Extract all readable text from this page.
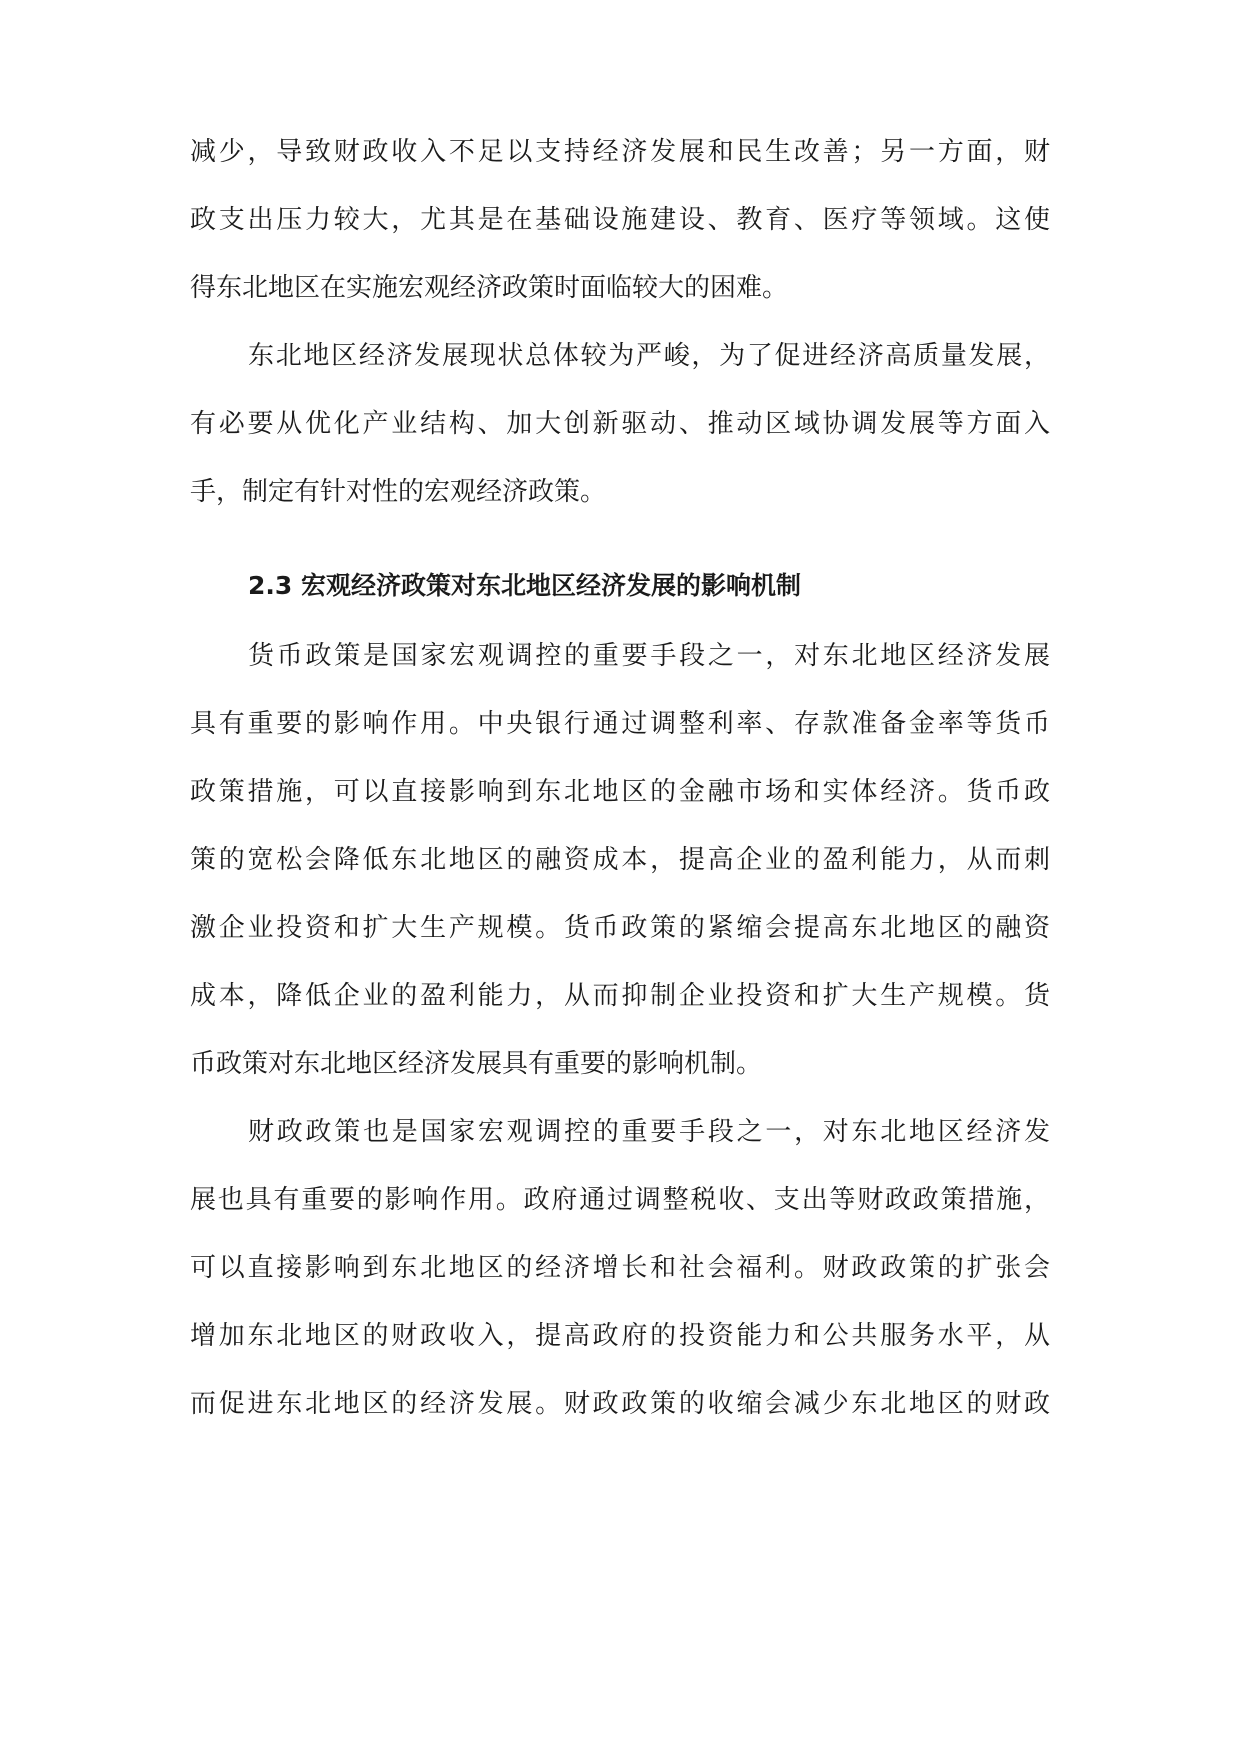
减少，导致财政收入不足以支持经济发展和民生改善；另一方面，财
政支出压力较大，尤其是在基础设施建设、教育、医疗等领域。这使
得东北地区在实施宏观经济政策时面临较大的困难。
东北地区经济发展现状总体较为严峻，为了促进经济高质量发展，
有必要从优化产业结构、加大创新驱动、推动区域协调发展等方面入
手，制定有针对性的宏观经济政策。
2.3 宏观经济政策对东北地区经济发展的影响机制
货币政策是国家宏观调控的重要手段之一，对东北地区经济发展
具有重要的影响作用。中央银行通过调整利率、存款准备金率等货币
政策措施，可以直接影响到东北地区的金融市场和实体经济。货币政
策的宽松会降低东北地区的融资成本，提高企业的盈利能力，从而刺
激企业投资和扩大生产规模。货币政策的紧缩会提高东北地区的融资
成本，降低企业的盈利能力，从而抑制企业投资和扩大生产规模。货
币政策对东北地区经济发展具有重要的影响机制。
财政政策也是国家宏观调控的重要手段之一，对东北地区经济发
展也具有重要的影响作用。政府通过调整税收、支出等财政政策措施，
可以直接影响到东北地区的经济增长和社会福利。财政政策的扩张会
增加东北地区的财政收入，提高政府的投资能力和公共服务水平，从
而促进东北地区的经济发展。财政政策的收缩会减少东北地区的财政
